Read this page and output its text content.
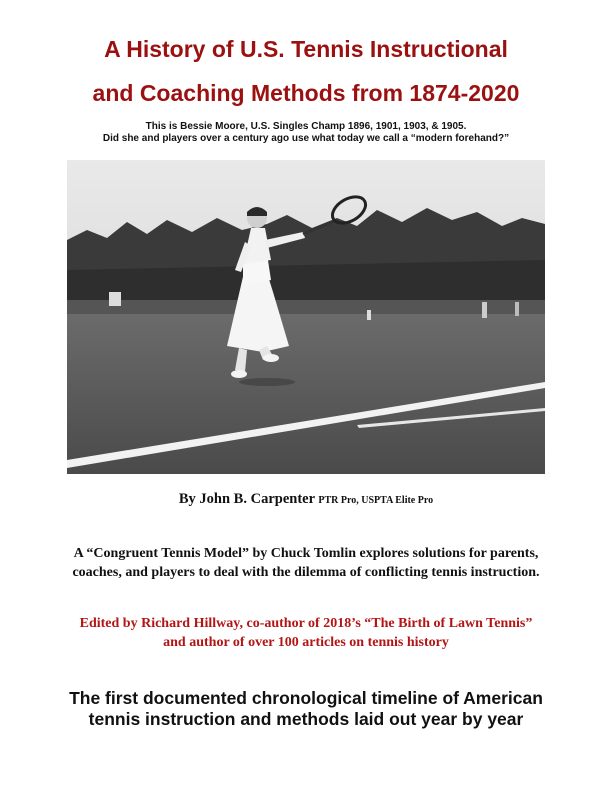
A History of U.S. Tennis Instructional
and Coaching Methods from 1874-2020
This is Bessie Moore, U.S. Singles Champ 1896, 1901, 1903, & 1905.
Did she and players over a century ago use what today we call a “modern forehand?”
By John B. Carpenter PTR Pro, USPTA Elite Pro
A “Congruent Tennis Model” by Chuck Tomlin explores solutions for parents,
coaches, and players to deal with the dilemma of conflicting tennis instruction.
Edited by Richard Hillway, co-author of 2018’s “The Birth of Lawn Tennis”
and author of over 100 articles on tennis history
The first documented chronological timeline of American
tennis instruction and methods laid out year by year
